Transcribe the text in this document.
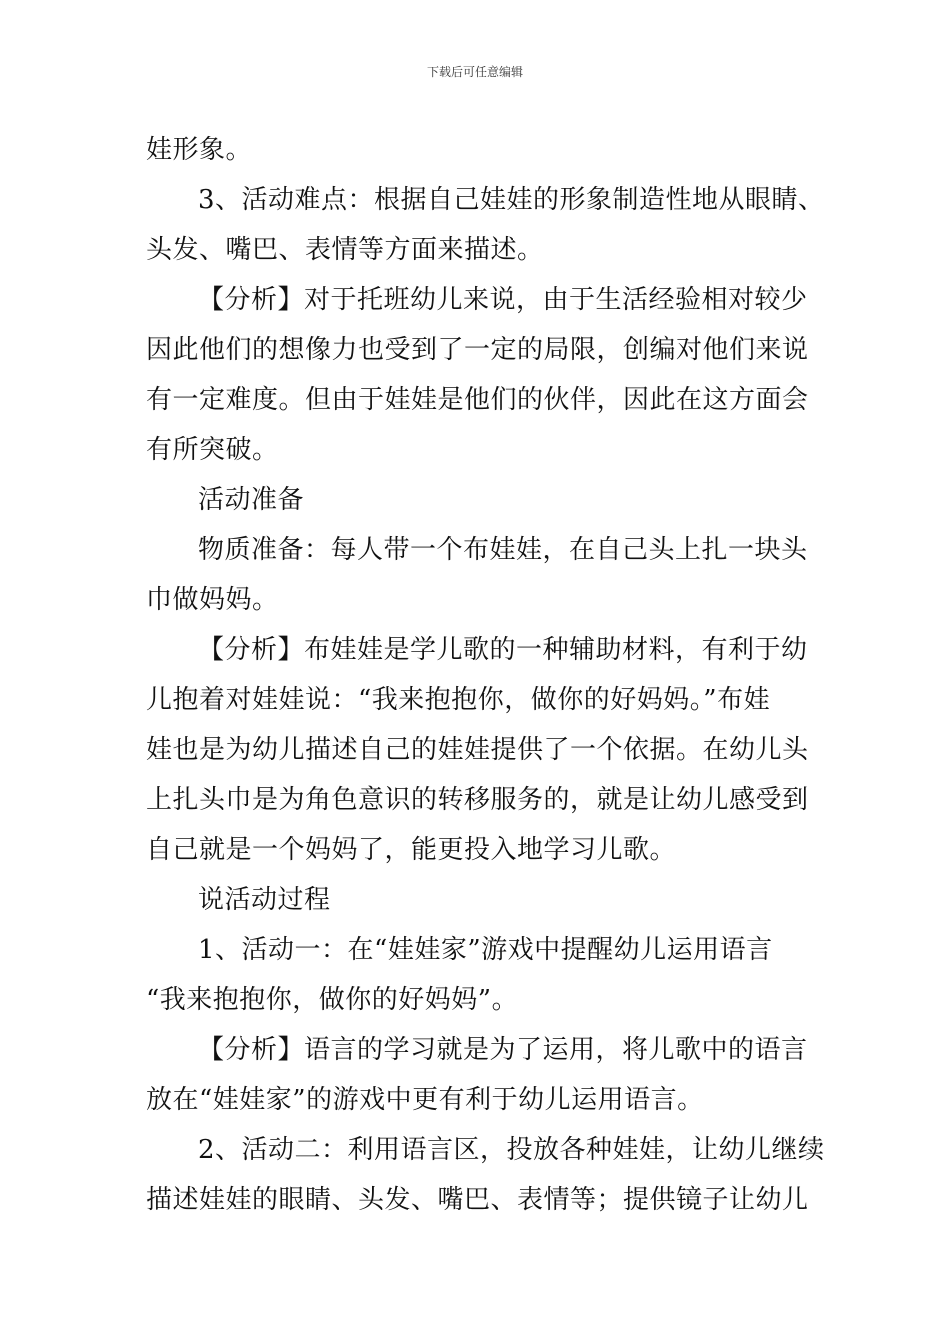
下载后可任意编辑
娃形象。
3、活动难点：根据自己娃娃的形象制造性地从眼睛、
头发、嘴巴、表情等方面来描述。
【分析】对于托班幼儿来说，由于生活经验相对较少
因此他们的想像力也受到了一定的局限，创编对他们来说
有一定难度。但由于娃娃是他们的伙伴，因此在这方面会
有所突破。
活动准备
物质准备：每人带一个布娃娃，在自己头上扎一块头
巾做妈妈。
【分析】布娃娃是学儿歌的一种辅助材料，有利于幼
儿抱着对娃娃说：“我来抱抱你，做你的好妈妈。”布娃
娃也是为幼儿描述自己的娃娃提供了一个依据。在幼儿头
上扎头巾是为角色意识的转移服务的，就是让幼儿感受到
自己就是一个妈妈了，能更投入地学习儿歌。
说活动过程
1、活动一：在“娃娃家”游戏中提醒幼儿运用语言
“我来抱抱你，做你的好妈妈”。
【分析】语言的学习就是为了运用，将儿歌中的语言
放在“娃娃家”的游戏中更有利于幼儿运用语言。
2、活动二：利用语言区，投放各种娃娃，让幼儿继续
描述娃娃的眼睛、头发、嘴巴、表情等；提供镜子让幼儿
